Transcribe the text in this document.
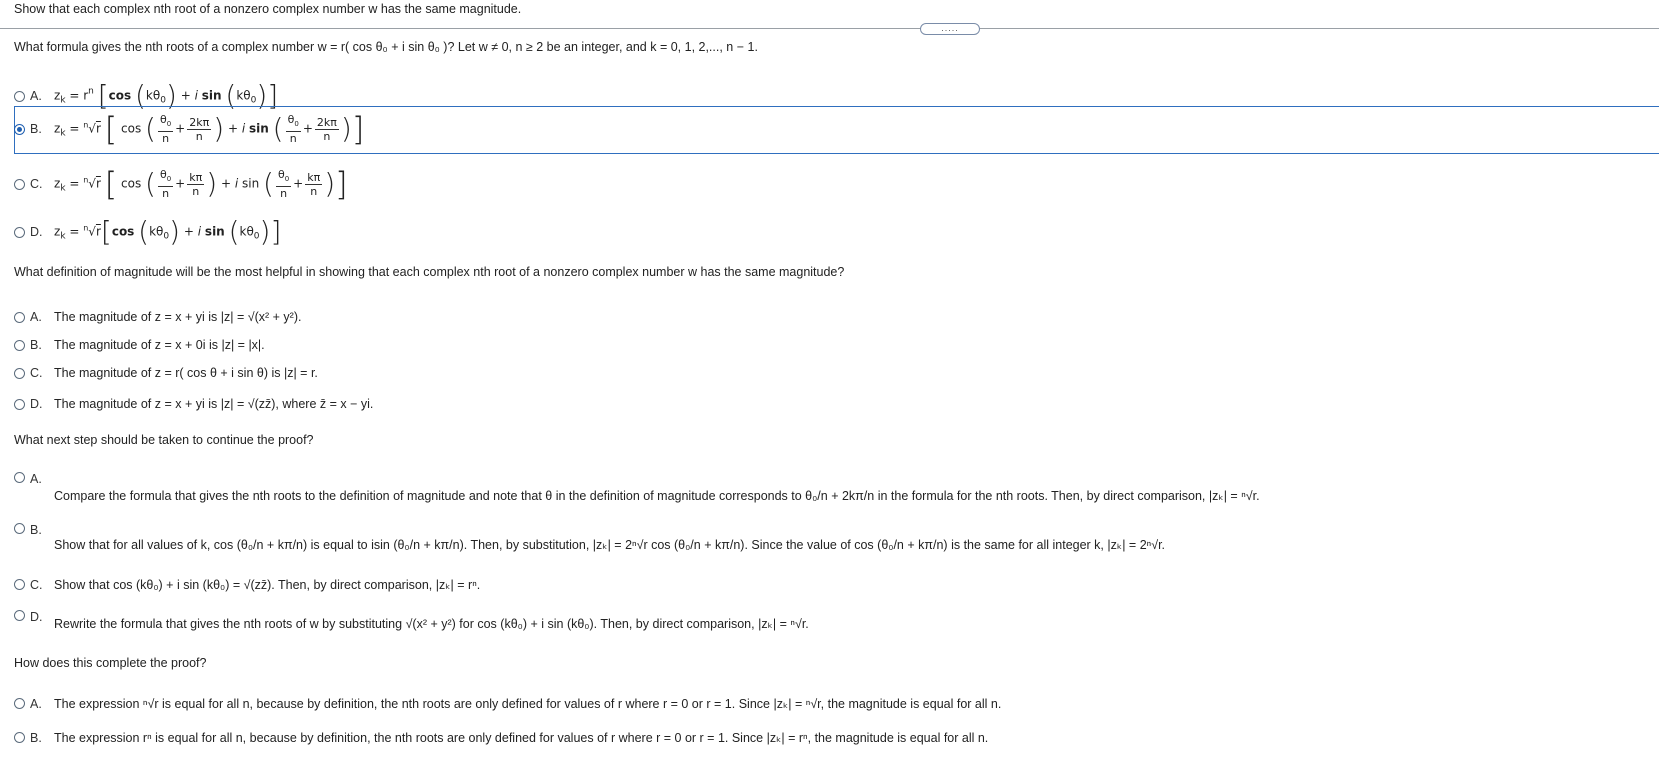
Show that each complex nth root of a nonzero complex number w has the same magnitude.
.....
What formula gives the nth roots of a complex number w = r( cos θ₀ + i sin θ₀ )? Let w ≠ 0, n ≥ 2 be an integer, and k = 0, 1, 2,..., n − 1.
A.	$z_k = r^n$ [cos $(k\theta_0) + i$ $\sin (k\theta_0)$]
B.	$z_k = ^n√r$ [ cos ( $\frac{\theta_0}{n} + \frac{2k\pi}{n}$ ) + i sin ( $\frac{\theta_0}{n} + \frac{2k\pi}{n}$ )]
C. $z_k = ^n√r$ [ cos ( $\frac{\theta_0}{n} + \frac{k\pi}{n}$ ) + i sin ( $\frac{\theta_0}{n} + \frac{k\pi}{n}$ )]
D. $z_k = ^n√r[\cos$ $(k\theta_0) + i$ $\sin (k\theta_0)$]
What definition of magnitude will be the most helpful in showing that each complex nth root of a nonzero complex number w has the same magnitude?
A. The magnitude of z = x + yi is |z| = √(x² + y²).
B. The magnitude of z = x + 0i is |z| = |x|.
C. The magnitude of z = r( cos θ + i sin θ) is |z| = r.
D. The magnitude of z = x + yi is |z| = √(zz̄), where z̄ = x − yi.
What next step should be taken to continue the proof?
A.
Compare the formula that gives the nth roots to the definition of magnitude and note that θ in the definition of magnitude corresponds to θ₀/n + 2kπ/n in the formula for the nth roots. Then, by direct comparison, |zₖ| = ⁿ√r.
B.
Show that for all values of k, cos (θ₀/n + kπ/n) is equal to isin (θ₀/n + kπ/n). Then, by substitution, |zₖ| = 2ⁿ√r cos (θ₀/n + kπ/n). Since the value of cos (θ₀/n + kπ/n) is the same for all integer k, |zₖ| = 2ⁿ√r.
C. Show that cos (kθ₀) + i sin (kθ₀) = √(zz̄). Then, by direct comparison, |zₖ| = rⁿ.
D. Rewrite the formula that gives the nth roots of w by substituting √(x² + y²) for cos (kθ₀) + i sin (kθ₀). Then, by direct comparison, |zₖ| = ⁿ√r.
How does this complete the proof?
A. The expression ⁿ√r is equal for all n, because by definition, the nth roots are only defined for values of r where r = 0 or r = 1. Since |zₖ| = ⁿ√r, the magnitude is equal for all n.
B. The expression rⁿ is equal for all n, because by definition, the nth roots are only defined for values of r where r = 0 or r = 1. Since |zₖ| = rⁿ, the magnitude is equal for all n.
